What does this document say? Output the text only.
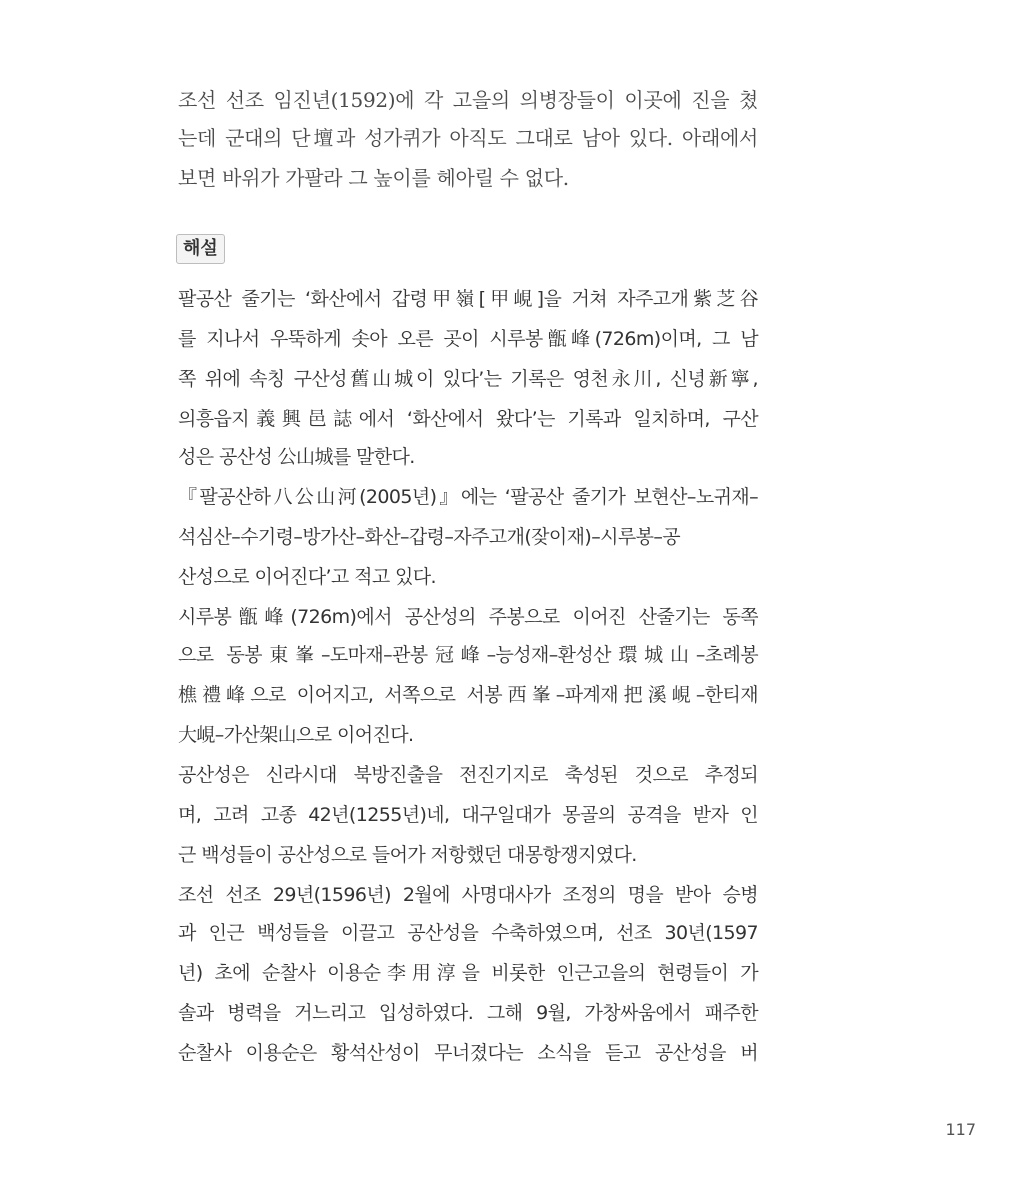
조선 선조 임진년(1592)에 각 고을의 의병장들이 이곳에 진을 쳤
는데 군대의 단壇과 성가퀴가 아직도 그대로 남아 있다. 아래에서
보면 바위가 가팔라 그 높이를 헤아릴 수 없다.
해설
팔공산 줄기는 ‘화산에서 갑령甲嶺[甲峴]을 거쳐 자주고개紫芝谷
를 지나서 우뚝하게 솟아 오른 곳이 시루봉甑峰(726m)이며, 그 남
쪽 위에 속칭 구산성舊山城이 있다’는 기록은 영천永川, 신녕新寧,
의흥읍지義興邑誌에서 ‘화산에서 왔다’는 기록과 일치하며, 구산
성은 공산성 公山城를 말한다.
『팔공산하八公山河(2005년)』에는 ‘팔공산 줄기가 보현산–노귀재–
석심산–수기령–방가산–화산–갑령–자주고개(잦이재)–시루봉–공
산성으로 이어진다’고 적고 있다.
시루봉甑峰(726m)에서 공산성의 주봉으로 이어진 산줄기는 동쪽
으로 동봉東峯–도마재–관봉冠峰–능성재–환성산環城山–초례봉
樵禮峰으로 이어지고, 서쪽으로 서봉西峯–파계재把溪峴–한티재
大峴–가산架山으로 이어진다.
공산성은 신라시대 북방진출을 전진기지로 축성된 것으로 추정되
며, 고려 고종 42년(1255년)네, 대구일대가 몽골의 공격을 받자 인
근 백성들이 공산성으로 들어가 저항했던 대몽항쟁지였다.
조선 선조 29년(1596년) 2월에 사명대사가 조정의 명을 받아 승병
과 인근 백성들을 이끌고 공산성을 수축하였으며, 선조 30년(1597
년) 초에 순찰사 이용순李用淳을 비롯한 인근고을의 현령들이 가
솔과 병력을 거느리고 입성하였다. 그해 9월, 가창싸움에서 패주한
순찰사 이용순은 황석산성이 무너졌다는 소식을 듣고 공산성을 버
117
